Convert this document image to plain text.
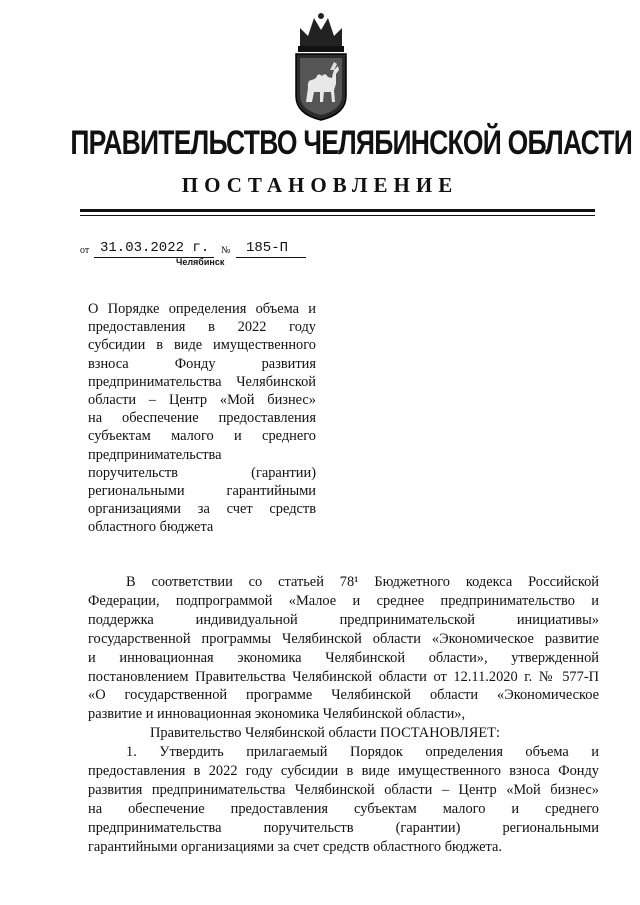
ПРАВИТЕЛЬСТВО ЧЕЛЯБИНСКОЙ ОБЛАСТИ
ПОСТАНОВЛЕНИЕ
от 31.03.2022 г. № 185-П
Челябинск
О Порядке определения объема и
предоставления в 2022 году
субсидии в виде имущественного
взноса Фонду развития
предпринимательства Челябинской
области – Центр «Мой бизнес»
на обеспечение предоставления
субъектам малого и среднего
предпринимательства
поручительств (гарантии)
региональными гарантийными
организациями за счет средств
областного бюджета
В соответствии со статьей 78¹ Бюджетного кодекса Российской
Федерации, подпрограммой «Малое и среднее предпринимательство и
поддержка индивидуальной предпринимательской инициативы»
государственной программы Челябинской области «Экономическое развитие
и инновационная экономика Челябинской области», утвержденной
постановлением Правительства Челябинской области от 12.11.2020 г. № 577-П
«О государственной программе Челябинской области «Экономическое
развитие и инновационная экономика Челябинской области»,
Правительство Челябинской области ПОСТАНОВЛЯЕТ:
1. Утвердить прилагаемый Порядок определения объема и
предоставления в 2022 году субсидии в виде имущественного взноса Фонду
развития предпринимательства Челябинской области – Центр «Мой бизнес»
на обеспечение предоставления субъектам малого и среднего
предпринимательства поручительств (гарантии) региональными
гарантийными организациями за счет средств областного бюджета.
